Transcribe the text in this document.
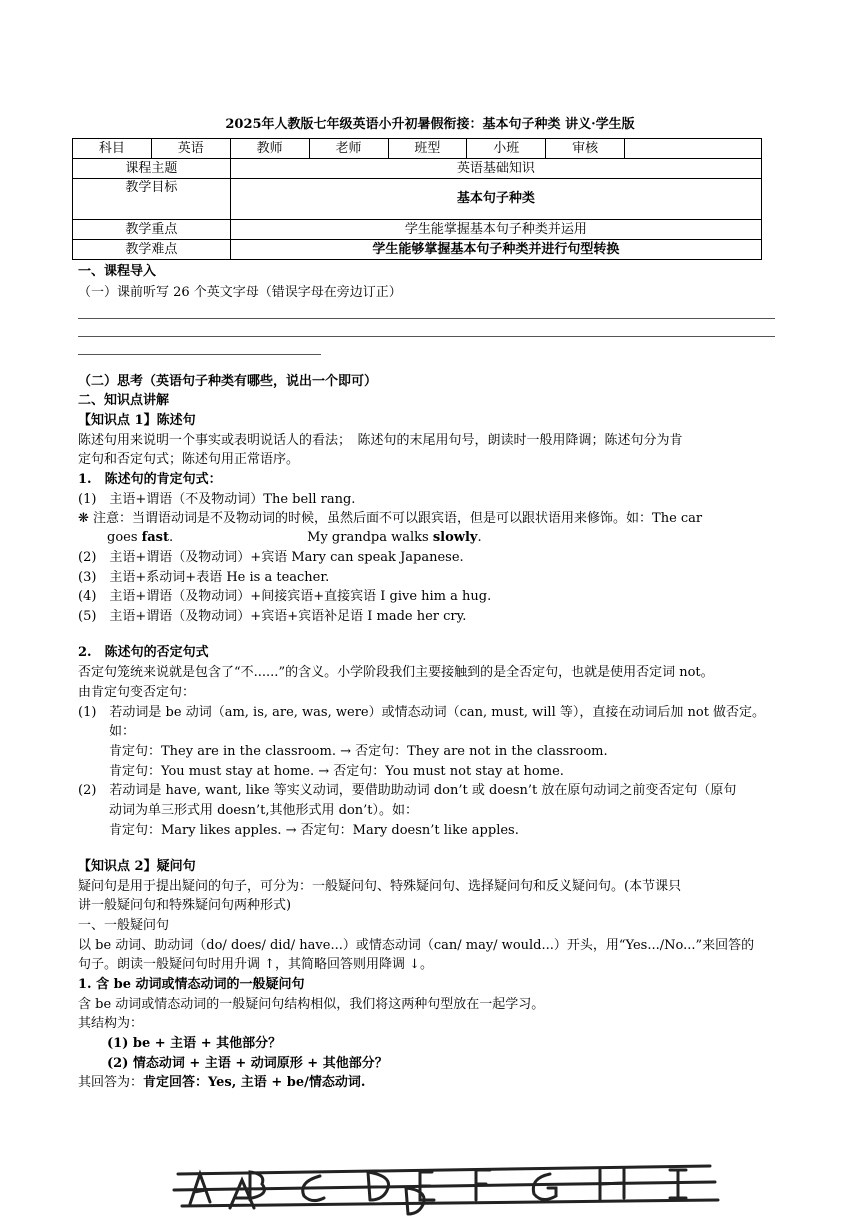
2025年人教版七年级英语小升初暑假衔接：基本句子种类 讲义·学生版
科目	英语	教师	老师	班型	小班	审核	
课程主题		英语基础知识					
教学目标		基本句子种类					
教学重点		学生能掌握基本句子种类并运用					
教学难点		学生能够掌握基本句子种类并进行句型转换					
一、课程导入
（一）课前听写 26 个英文字母（错误字母在旁边订正）
（二）思考（英语句子种类有哪些，说出一个即可）
二、知识点讲解
【知识点 1】陈述句
陈述句用来说明一个事实或表明说话人的看法；　陈述句的末尾用句号，朗读时一般用降调；陈述句分为肯
定句和否定句式；陈述句用正常语序。
1.　陈述句的肯定句式：
(1)　主语+谓语（不及物动词）The bell rang.
❋ 注意：当谓语动词是不及物动词的时候，虽然后面不可以跟宾语，但是可以跟状语用来修饰。如：The car
goes fast.	My grandpa walks slowly.
(2)　主语+谓语（及物动词）+宾语 Mary can speak Japanese.
(3)　主语+系动词+表语 He is a teacher.
(4)　主语+谓语（及物动词）+间接宾语+直接宾语 I give him a hug.
(5)　主语+谓语（及物动词）+宾语+宾语补足语 I made her cry.
2.　陈述句的否定句式
否定句笼统来说就是包含了“不......”的含义。小学阶段我们主要接触到的是全否定句，也就是使用否定词 not。
由肯定句变否定句：
(1)　若动词是 be 动词（am, is, are, was, were）或情态动词（can, must, will 等），直接在动词后加 not 做否定。
如：
肯定句：They are in the classroom. → 否定句：They are not in the classroom.
肯定句：You must stay at home. → 否定句：You must not stay at home.
(2)　若动词是 have, want, like 等实义动词，要借助助动词 don’t 或 doesn’t 放在原句动词之前变否定句（原句
动词为单三形式用 doesn’t,其他形式用 don’t）。如：
肯定句：Mary likes apples. → 否定句：Mary doesn’t like apples.
【知识点 2】疑问句
疑问句是用于提出疑问的句子，可分为：一般疑问句、特殊疑问句、选择疑问句和反义疑问句。(本节课只
讲一般疑问句和特殊疑问句两种形式)
一、一般疑问句
以 be 动词、助动词（do/ does/ did/ have...）或情态动词（can/ may/ would...）开头，用“Yes.../No...”来回答的
句子。朗读一般疑问句时用升调 ↑，其简略回答则用降调 ↓。
1. 含 be 动词或情态动词的一般疑问句
含 be 动词或情态动词的一般疑问句结构相似，我们将这两种句型放在一起学习。
其结构为：
(1) be + 主语 + 其他部分？
(2) 情态动词 + 主语 + 动词原形 + 其他部分？
其回答为：肯定回答：Yes, 主语 + be/情态动词.
